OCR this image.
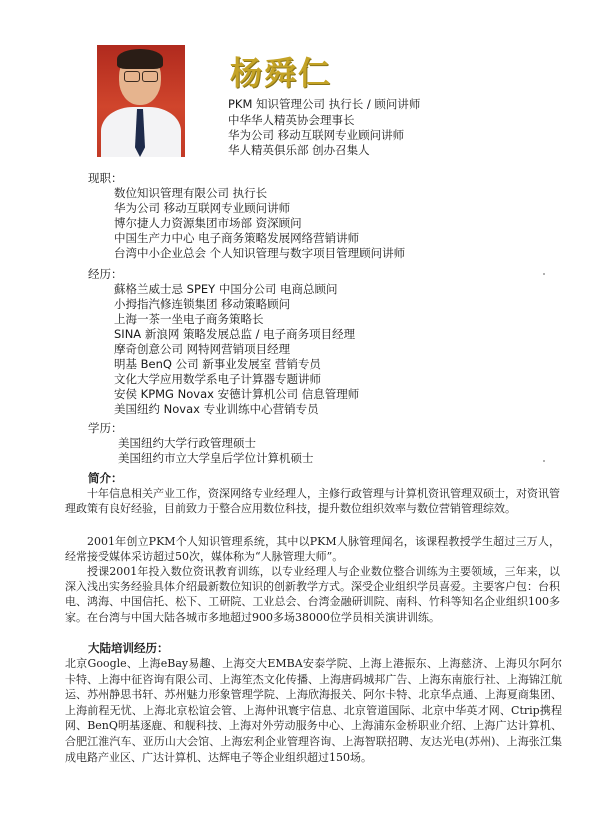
杨舜仁
PKM 知识管理公司 执行长 / 顾问讲师
中华华人精英协会理事长
华为公司 移动互联网专业顾问讲师
华人精英俱乐部 创办召集人
现职：
数位知识管理有限公司 执行长
华为公司 移动互联网专业顾问讲师
博尔捷人力资源集团市场部 资深顾问
中国生产力中心 电子商务策略发展网络营销讲师
台湾中小企业总会 个人知识管理与数字项目管理顾问讲师
经历：
蘇格兰威士忌 SPEY 中国分公司 电商总顾问
小拇指汽修连锁集团 移动策略顾问
上海一茶一坐电子商务策略长
SINA 新浪网 策略发展总监 / 电子商务项目经理
摩奇创意公司 网特网营销项目经理
明基 BenQ 公司 新事业发展室 营销专员
文化大学应用数学系电子计算器专题讲师
安侯 KPMG Novax 安德计算机公司 信息管理师
美国纽约 Novax 专业训练中心营销专员
学历：
美国纽约大学行政管理硕士
美国纽约市立大学皇后学位计算机硕士
简介：

十年信息相关产业工作，资深网络专业经理人，主修行政管理与计算机资讯管理双硕士，对资讯管理政策有良好经验，目前致力于整合应用数位科技，提升数位组织效率与数位营销管理综效。

2001年创立PKM个人知识管理系统，其中以PKM人脉管理闻名，该课程教授学生超过三万人，经常接受媒体采访超过50次，媒体称为“人脉管理大师”。

授课2001年投入数位资讯教育训练，以专业经理人与企业数位整合训练为主要领域，三年来，以深入浅出实务经验具体介绍最新数位知识的创新教学方式。深受企业组织学员喜爱。主要客户包：台积电、鸿海、中国信托、松下、工研院、工业总会、台湾金融研训院、南科、竹科等知名企业组织100多家。在台湾与中国大陆各城市多地超过900多场38000位学员相关演讲训练。

大陆培训经历：

北京Google、上海eBay易趣、上海交大EMBA安泰学院、上海上港振东、上海慈济、上海贝尔阿尔卡特、上海中征咨询有限公司、上海笙杰文化传播、上海唐码城邦广告、上海东南旅行社、上海锦江航运、苏州静思书轩、苏州魅力形象管理学院、上海欣海报关、阿尔卡特、北京华点通、上海夏商集团、上海前程无忧、上海北京松谊会管、上海仲讯寰宇信息、北京管道国际、北京中华英才网、Ctrip携程网、BenQ明基逐鹿、和舰科技、上海对外劳动服务中心、上海浦东金桥职业介绍、上海广达计算机、合肥江淮汽车、亚历山大会馆、上海宏利企业管理咨询、上海智联招聘、友达光电(苏州)、上海张江集成电路产业区、广达计算机、达辉电子等企业组织超过150场。
